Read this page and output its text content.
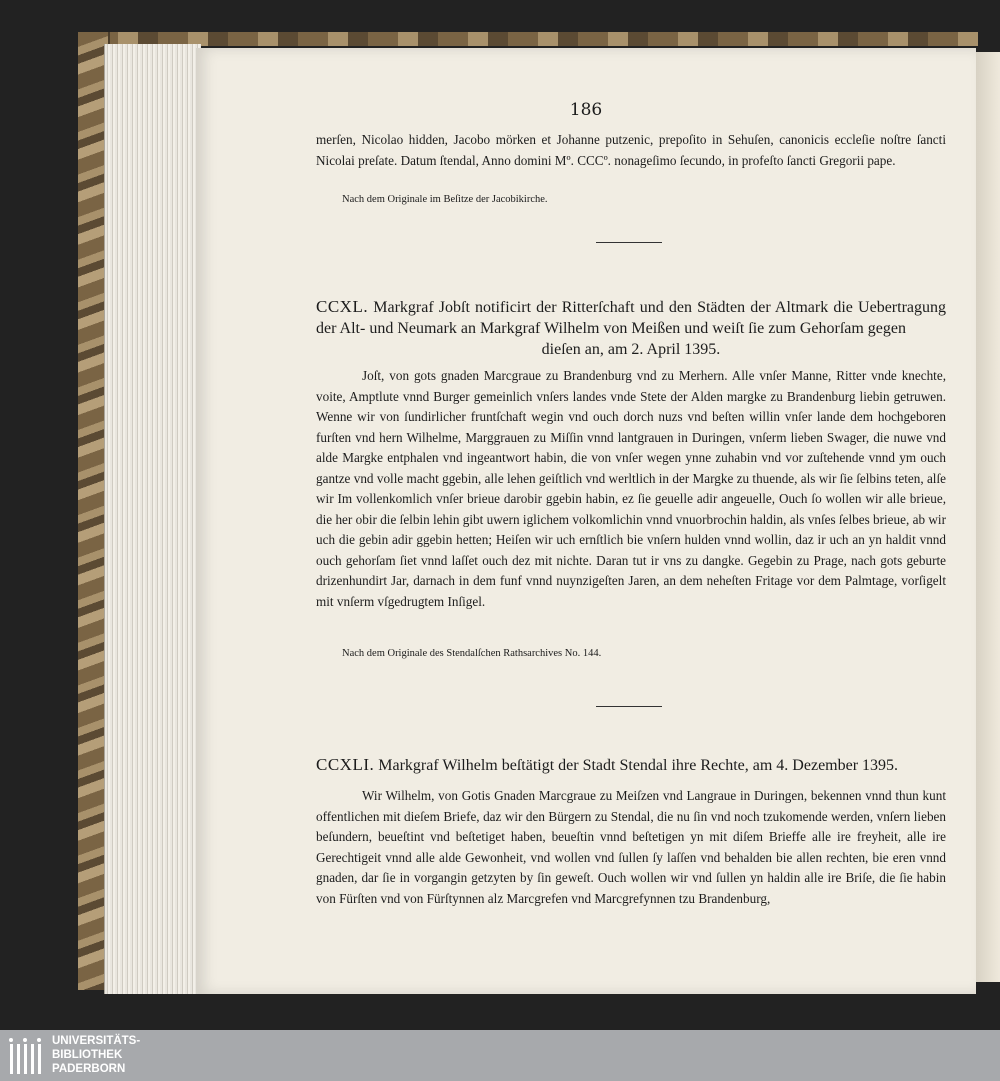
186

merſen, Nicolao hidden, Jacobo mörken et Johanne putzenic, prepoſito in Sehuſen, canonicis eccleſie noſtre ſancti Nicolai preſate. Datum ſtendal, Anno domini Mº. CCCº. nonageſimo ſecundo, in profeſto ſancti Gregorii pape.

Nach dem Originale im Beſitze der Jacobikirche.

CCXL. Markgraf Jobſt notificirt der Ritterſchaft und den Städten der Altmark die Uebertragung der Alt- und Neumark an Markgraf Wilhelm von Meißen und weiſt ſie zum Gehorſam gegen
dieſen an, am 2. April 1395.

Joſt, von gots gnaden Marcgraue zu Brandenburg vnd zu Merhern. Alle vnſer Manne, Ritter vnde knechte, voite, Amptlute vnnd Burger gemeinlich vnſers landes vnde Stete der Alden margke zu Brandenburg liebin getruwen. Wenne wir von ſundirlicher fruntſchaft wegin vnd ouch dorch nuzs vnd beſten willin vnſer lande dem hochgeboren furſten vnd hern Wilhelme, Marggrauen zu Miſſin vnnd lantgrauen in Duringen, vnſerm lieben Swager, die nuwe vnd alde Margke entphalen vnd ingeantwort habin, die von vnſer wegen ynne zuhabin vnd vor zuſtehende vnnd ym ouch gantze vnd volle macht ggebin, alle lehen geiſtlich vnd werltlich in der Margke zu thuende, als wir ſie ſelbins teten, alſe wir Im vollenkomlich vnſer brieue darobir ggebin habin, ez ſie geuelle adir angeuelle, Ouch ſo wollen wir alle brieue, die her obir die ſelbin lehin gibt uwern iglichem volkomlichin vnnd vnuorbrochin haldin, als vnſes ſelbes brieue, ab wir uch die gebin adir ggebin hetten; Heiſen wir uch ernſtlich bie vnſern hulden vnnd wollin, daz ir uch an yn haldit vnnd ouch gehorſam ſiet vnnd laſſet ouch dez mit nichte. Daran tut ir vns zu dangke. Gegebin zu Prage, nach gots geburte drizenhundirt Jar, darnach in dem funf vnnd nuynzigeſten Jaren, an dem neheſten Fritage vor dem Palmtage, vorſigelt mit vnſerm vſgedrugtem Inſigel.

Nach dem Originale des Stendalſchen Rathsarchives No. 144.

CCXLI. Markgraf Wilhelm beſtätigt der Stadt Stendal ihre Rechte, am 4. Dezember 1395.

Wir Wilhelm, von Gotis Gnaden Marcgraue zu Meiſzen vnd Langraue in Duringen, bekennen vnnd thun kunt offentlichen mit dieſem Briefe, daz wir den Bürgern zu Stendal, die nu ſin vnd noch tzukomende werden, vnſern lieben beſundern, beueſtint vnd beſtetiget haben, beueſtin vnnd beſtetigen yn mit diſem Brieffe alle ire freyheit, alle ire Gerechtigeit vnnd alle alde Gewonheit, vnd wollen vnd ſullen ſy laſſen vnd behalden bie allen rechten, bie eren vnnd gnaden, dar ſie in vorgangin getzyten by ſin geweſt. Ouch wollen wir vnd ſullen yn haldin alle ire Briſe, die ſie habin von Fürſten vnd von Fürſtynnen alz Marcgrefen vnd Marcgrefynnen tzu Brandenburg,

UNIVERSITÄTS-
BIBLIOTHEK
PADERBORN
